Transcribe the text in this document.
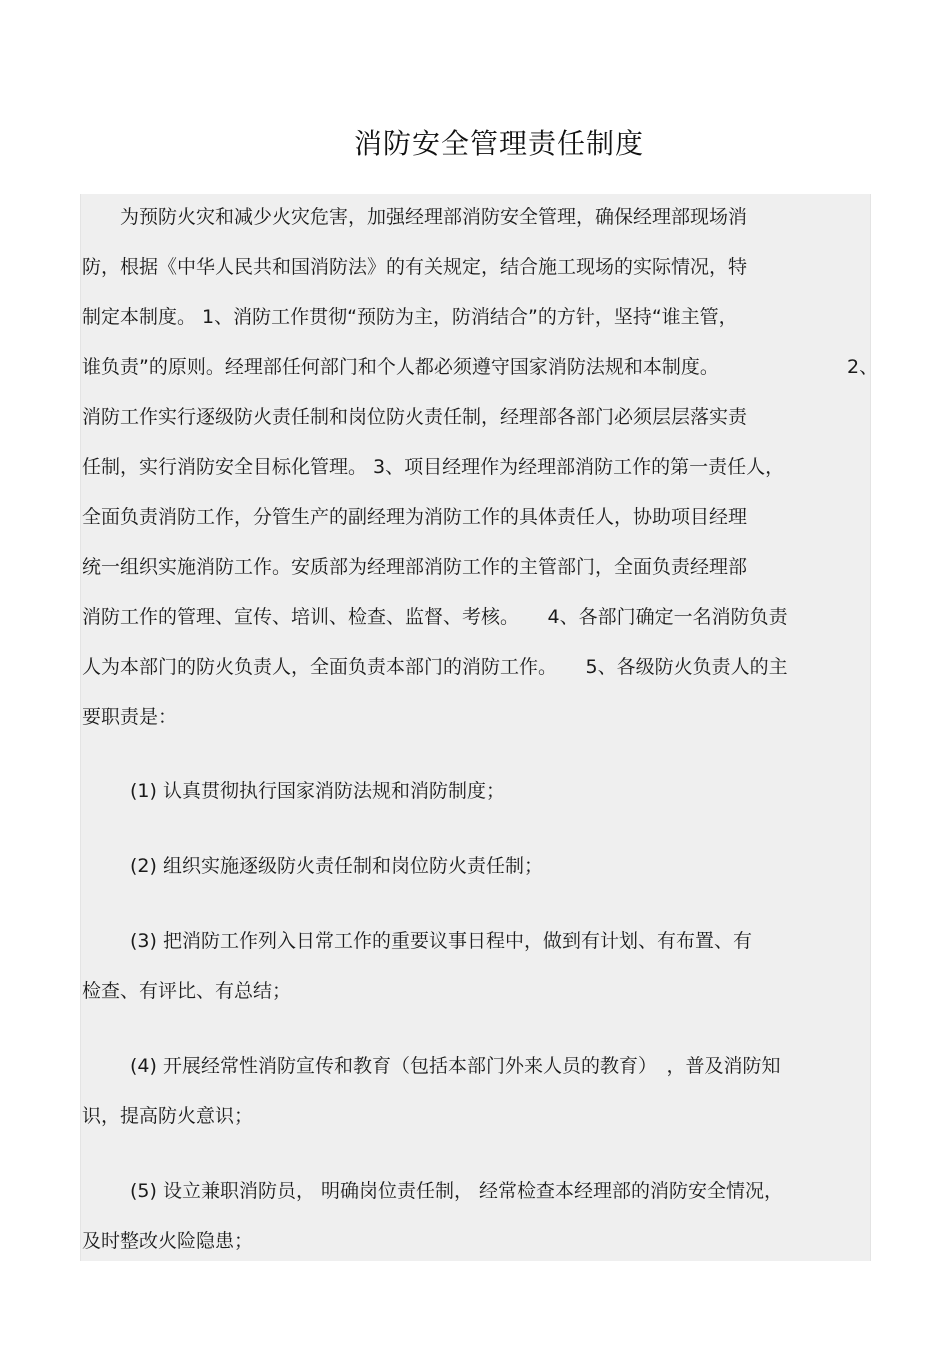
消防安全管理责任制度
为预防火灾和减少火灾危害，加强经理部消防安全管理，确保经理部现场消
防，根据《中华人民共和国消防法》的有关规定，结合施工现场的实际情况，特
制定本制度。 1、消防工作贯彻“预防为主，防消结合”的方针，坚持“谁主管，
谁负责”的原则。经理部任何部门和个人都必须遵守国家消防法规和本制度。	2、
消防工作实行逐级防火责任制和岗位防火责任制，经理部各部门必须层层落实责
任制，实行消防安全目标化管理。 3、项目经理作为经理部消防工作的第一责任人，
全面负责消防工作，分管生产的副经理为消防工作的具体责任人，协助项目经理
统一组织实施消防工作。安质部为经理部消防工作的主管部门，全面负责经理部
消防工作的管理、宣传、培训、检查、监督、考核。　　4、各部门确定一名消防负责
人为本部门的防火负责人，全面负责本部门的消防工作。　　5、各级防火负责人的主
要职责是：
(1) 认真贯彻执行国家消防法规和消防制度；
(2) 组织实施逐级防火责任制和岗位防火责任制；
(3) 把消防工作列入日常工作的重要议事日程中，做到有计划、有布置、有
检查、有评比、有总结；
(4) 开展经常性消防宣传和教育（包括本部门外来人员的教育）　，普及消防知
识，提高防火意识；
(5) 设立兼职消防员， 明确岗位责任制， 经常检查本经理部的消防安全情况，
及时整改火险隐患；
